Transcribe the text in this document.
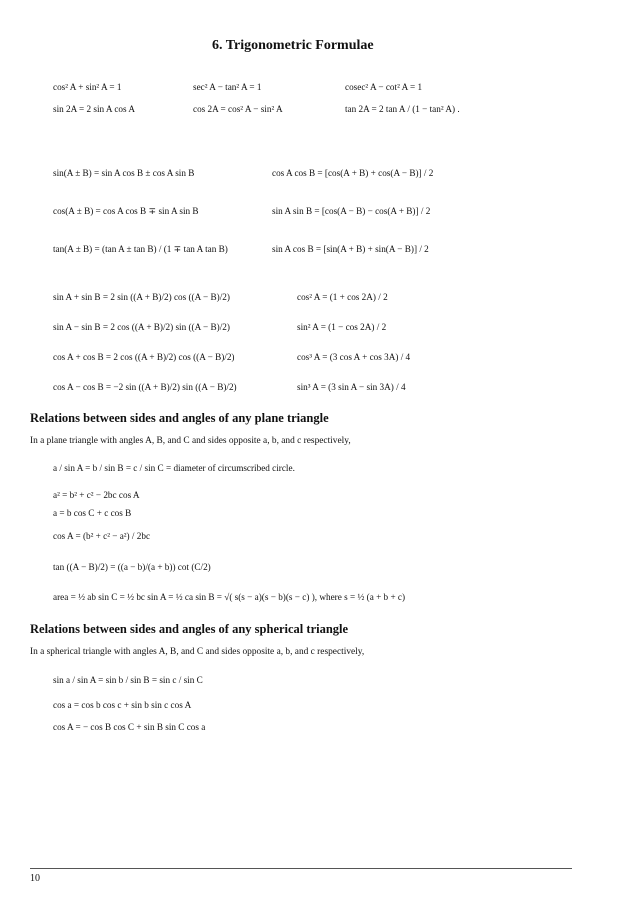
6. Trigonometric Formulae
cos² A + sin² A = 1	sec² A − tan² A = 1	cosec² A − cot² A = 1
sin 2A = 2 sin A cos A	cos 2A = cos² A − sin² A	tan 2A = 2 tan A / (1 − tan² A) .
sin(A ± B) = sin A cos B ± cos A sin B	cos A cos B = [cos(A + B) + cos(A − B)] / 2
cos(A ± B) = cos A cos B ∓ sin A sin B	sin A sin B = [cos(A − B) − cos(A + B)] / 2
tan(A ± B) = (tan A ± tan B) / (1 ∓ tan A tan B)	sin A cos B = [sin(A + B) + sin(A − B)] / 2
sin A + sin B = 2 sin ((A + B)/2) cos ((A − B)/2)	cos² A = (1 + cos 2A) / 2
sin A − sin B = 2 cos ((A + B)/2) sin ((A − B)/2)	sin² A = (1 − cos 2A) / 2
cos A + cos B = 2 cos ((A + B)/2) cos ((A − B)/2)	cos³ A = (3 cos A + cos 3A) / 4
cos A − cos B = −2 sin ((A + B)/2) sin ((A − B)/2)	sin³ A = (3 sin A − sin 3A) / 4
Relations between sides and angles of any plane triangle
In a plane triangle with angles A, B, and C and sides opposite a, b, and c respectively,
a / sin A = b / sin B = c / sin C = diameter of circumscribed circle.
a² = b² + c² − 2bc cos A
a = b cos C + c cos B
cos A = (b² + c² − a²) / 2bc
tan ((A − B)/2) = ((a − b)/(a + b)) cot (C/2)
area = ½ ab sin C = ½ bc sin A = ½ ca sin B = √( s(s − a)(s − b)(s − c) ), where s = ½ (a + b + c)
Relations between sides and angles of any spherical triangle
In a spherical triangle with angles A, B, and C and sides opposite a, b, and c respectively,
sin a / sin A = sin b / sin B = sin c / sin C
cos a = cos b cos c + sin b sin c cos A
cos A = − cos B cos C + sin B sin C cos a
10
